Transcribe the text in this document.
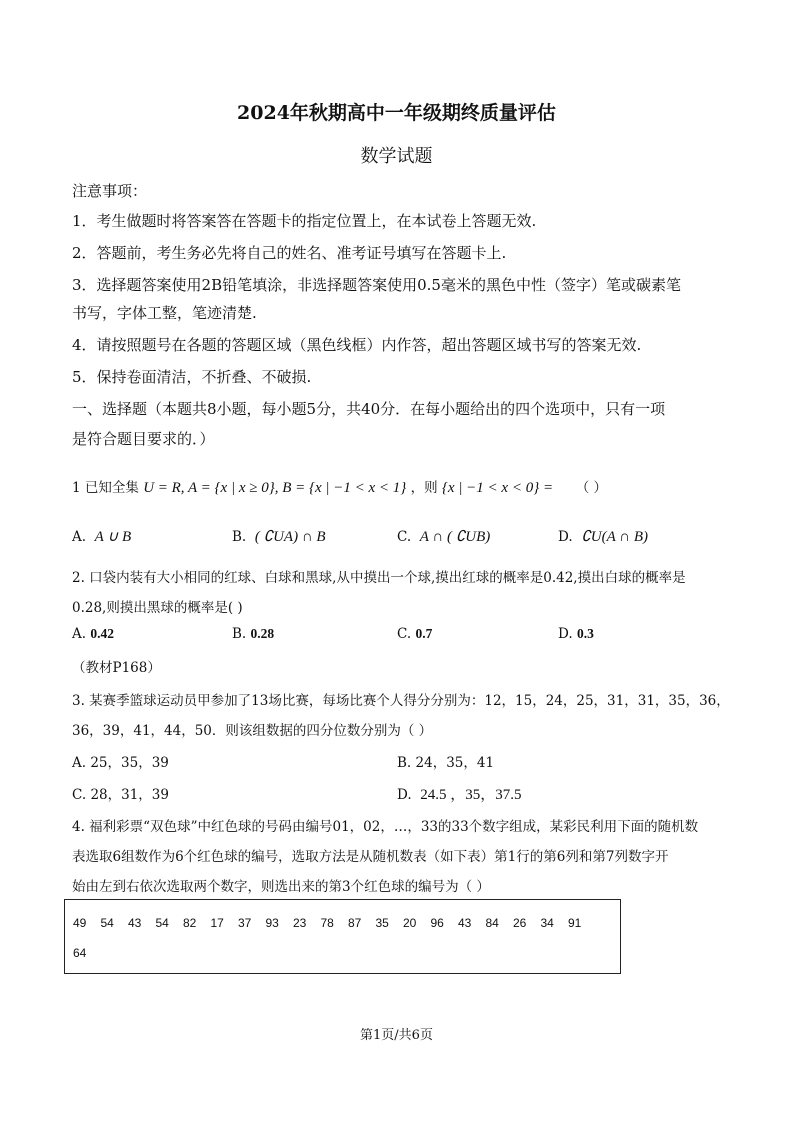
2024年秋期高中一年级期终质量评估
数学试题
注意事项：
1．考生做题时将答案答在答题卡的指定位置上，在本试卷上答题无效.
2．答题前，考生务必先将自己的姓名、准考证号填写在答题卡上.
3．选择题答案使用2B铅笔填涂，非选择题答案使用0.5毫米的黑色中性（签字）笔或碳素笔
书写，字体工整，笔迹清楚.
4．请按照题号在各题的答题区域（黑色线框）内作答，超出答题区域书写的答案无效.
5．保持卷面清洁，不折叠、不破损.
一、选择题（本题共8小题，每小题5分，共40分．在每小题给出的四个选项中，只有一项
是符合题目要求的．）
1 已知全集 U = R, A = {x | x ≥ 0}, B = {x | −1 < x < 1} ，则 {x | −1 < x < 0} = （ ）
A. A ∪ B	B. ( ∁UA) ∩ B	C. A ∩ ( ∁UB)	D. ∁U(A ∩ B)
2. 口袋内装有大小相同的红球、白球和黑球,从中摸出一个球,摸出红球的概率是0.42,摸出白球的概率是
0.28,则摸出黑球的概率是( )
A. 0.42	B. 0.28	C. 0.7	D. 0.3
（教材P168）
3. 某赛季篮球运动员甲参加了13场比赛，每场比赛个人得分分别为：12，15，24，25，31，31，35，36，
36，39，41，44，50．则该组数据的四分位数分别为（ ）
A. 25，35，39	B. 24，35，41
C. 28，31，39	D. 24.5 ，35，37.5
4. 福利彩票“双色球”中红色球的号码由编号01，02，…，33的33个数字组成，某彩民利用下面的随机数
表选取6组数作为6个红色球的编号，选取方法是从随机数表（如下表）第1行的第6列和第7列数字开
始由左到右依次选取两个数字，则选出来的第3个红色球的编号为（ ）
49 54 43 54 82 17 37 93 23 78 87 35 20 96 43 84 26 34 91
64
第1页/共6页
